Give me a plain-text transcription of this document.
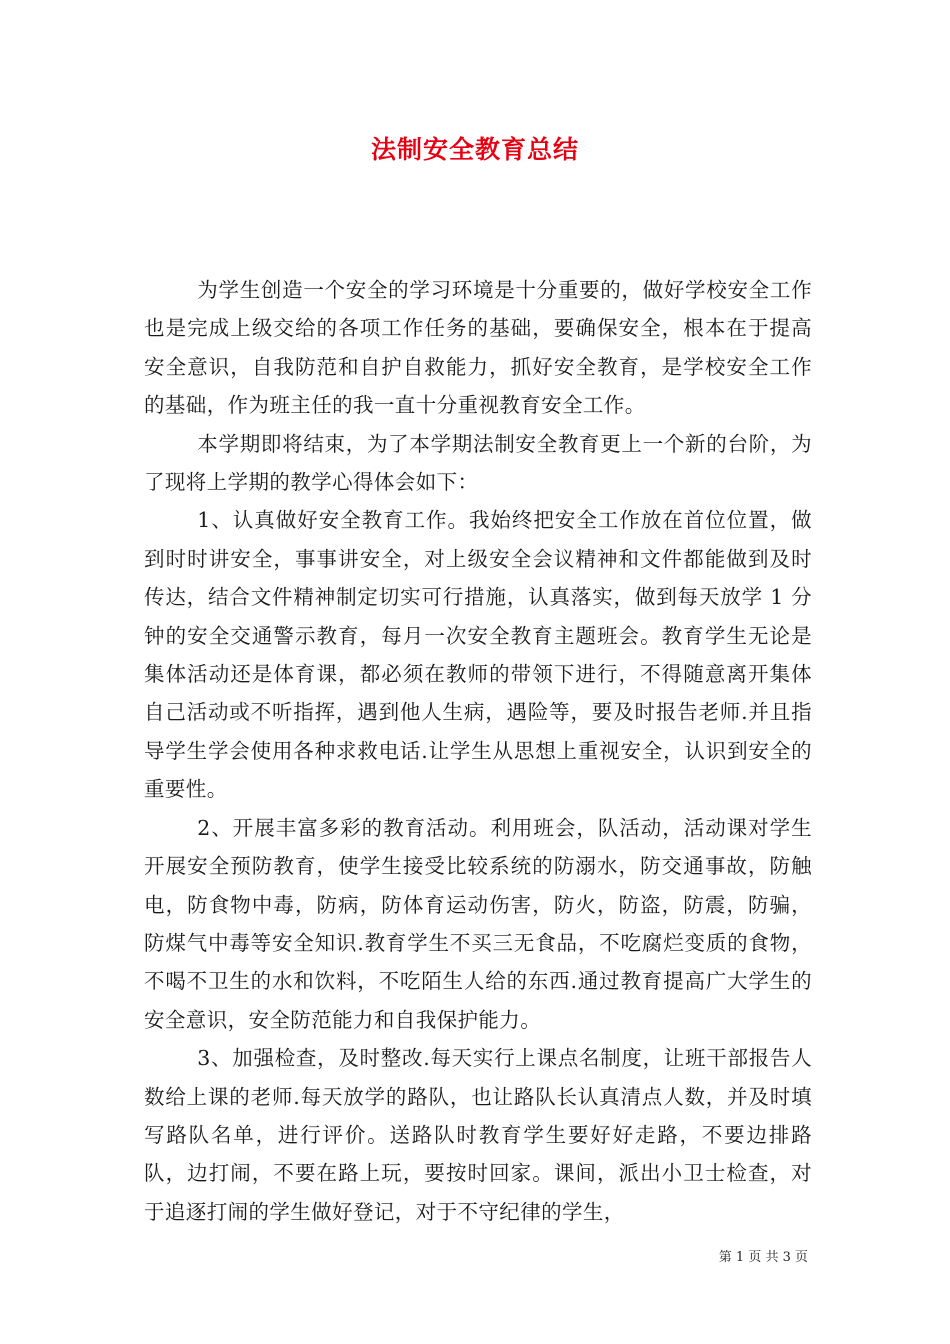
法制安全教育总结

为学生创造一个安全的学习环境是十分重要的，做好学校安全工作也是完成上级交给的各项工作任务的基础，要确保安全，根本在于提高安全意识，自我防范和自护自救能力，抓好安全教育，是学校安全工作的基础，作为班主任的我一直十分重视教育安全工作。

本学期即将结束，为了本学期法制安全教育更上一个新的台阶，为了现将上学期的教学心得体会如下：

1、认真做好安全教育工作。我始终把安全工作放在首位位置，做到时时讲安全，事事讲安全，对上级安全会议精神和文件都能做到及时传达，结合文件精神制定切实可行措施，认真落实，做到每天放学 1 分钟的安全交通警示教育，每月一次安全教育主题班会。教育学生无论是集体活动还是体育课，都必须在教师的带领下进行，不得随意离开集体自己活动或不听指挥，遇到他人生病，遇险等，要及时报告老师.并且指导学生学会使用各种求救电话.让学生从思想上重视安全，认识到安全的重要性。

2、开展丰富多彩的教育活动。利用班会，队活动，活动课对学生开展安全预防教育，使学生接受比较系统的防溺水，防交通事故，防触电，防食物中毒，防病，防体育运动伤害，防火，防盗，防震，防骗，防煤气中毒等安全知识.教育学生不买三无食品，不吃腐烂变质的食物，不喝不卫生的水和饮料，不吃陌生人给的东西.通过教育提高广大学生的安全意识，安全防范能力和自我保护能力。

3、加强检查，及时整改.每天实行上课点名制度，让班干部报告人数给上课的老师.每天放学的路队，也让路队长认真清点人数，并及时填写路队名单，进行评价。送路队时教育学生要好好走路，不要边排路队，边打闹，不要在路上玩，要按时回家。课间，派出小卫士检查，对于追逐打闹的学生做好登记，对于不守纪律的学生，

第 1 页 共 3 页
